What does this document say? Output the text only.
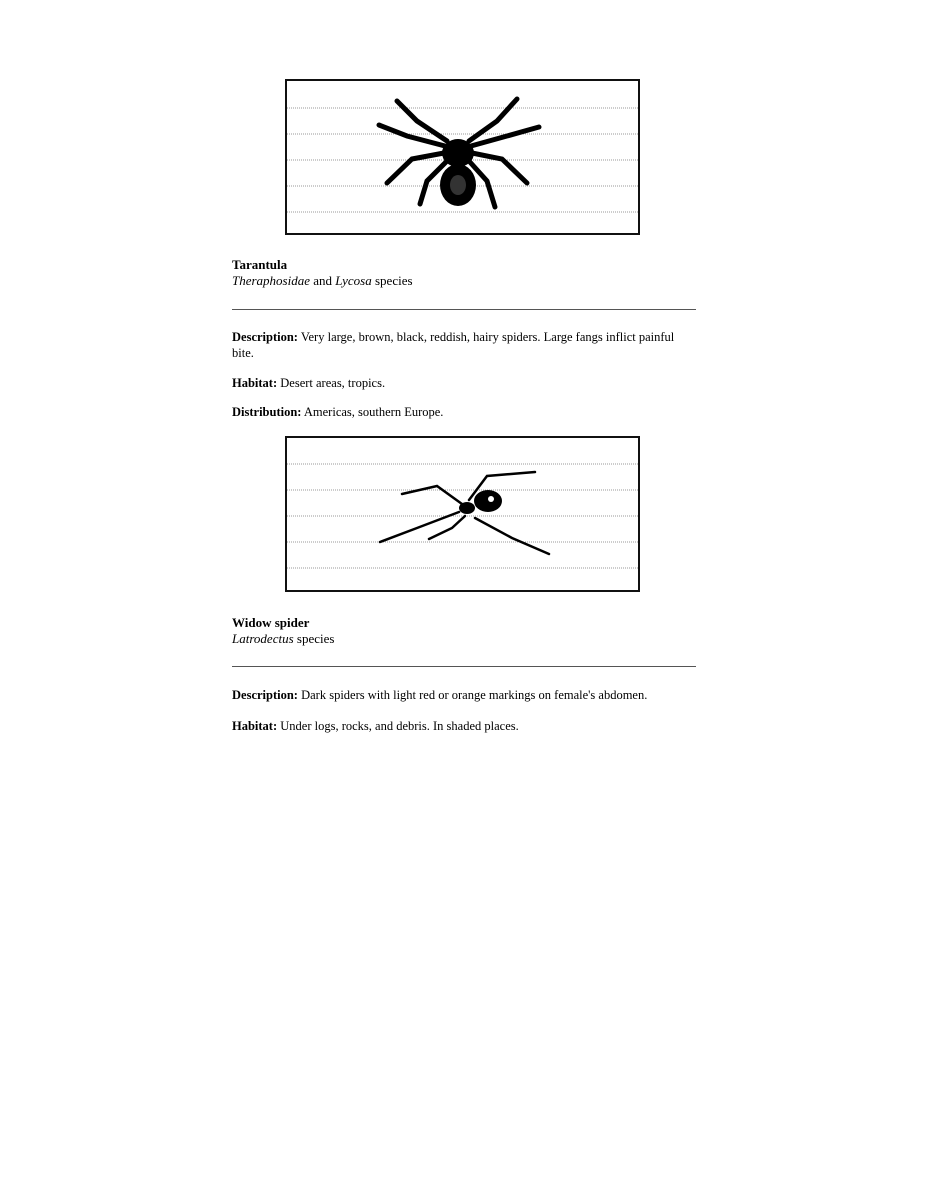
Tarantula
Theraphosidae and Lycosa species
Description: Very large, brown, black, reddish, hairy spiders. Large fangs inflict painful bite.
Habitat: Desert areas, tropics.
Distribution: Americas, southern Europe.
Widow spider
Latrodectus species
Description: Dark spiders with light red or orange markings on female's abdomen.
Habitat: Under logs, rocks, and debris. In shaded places.
